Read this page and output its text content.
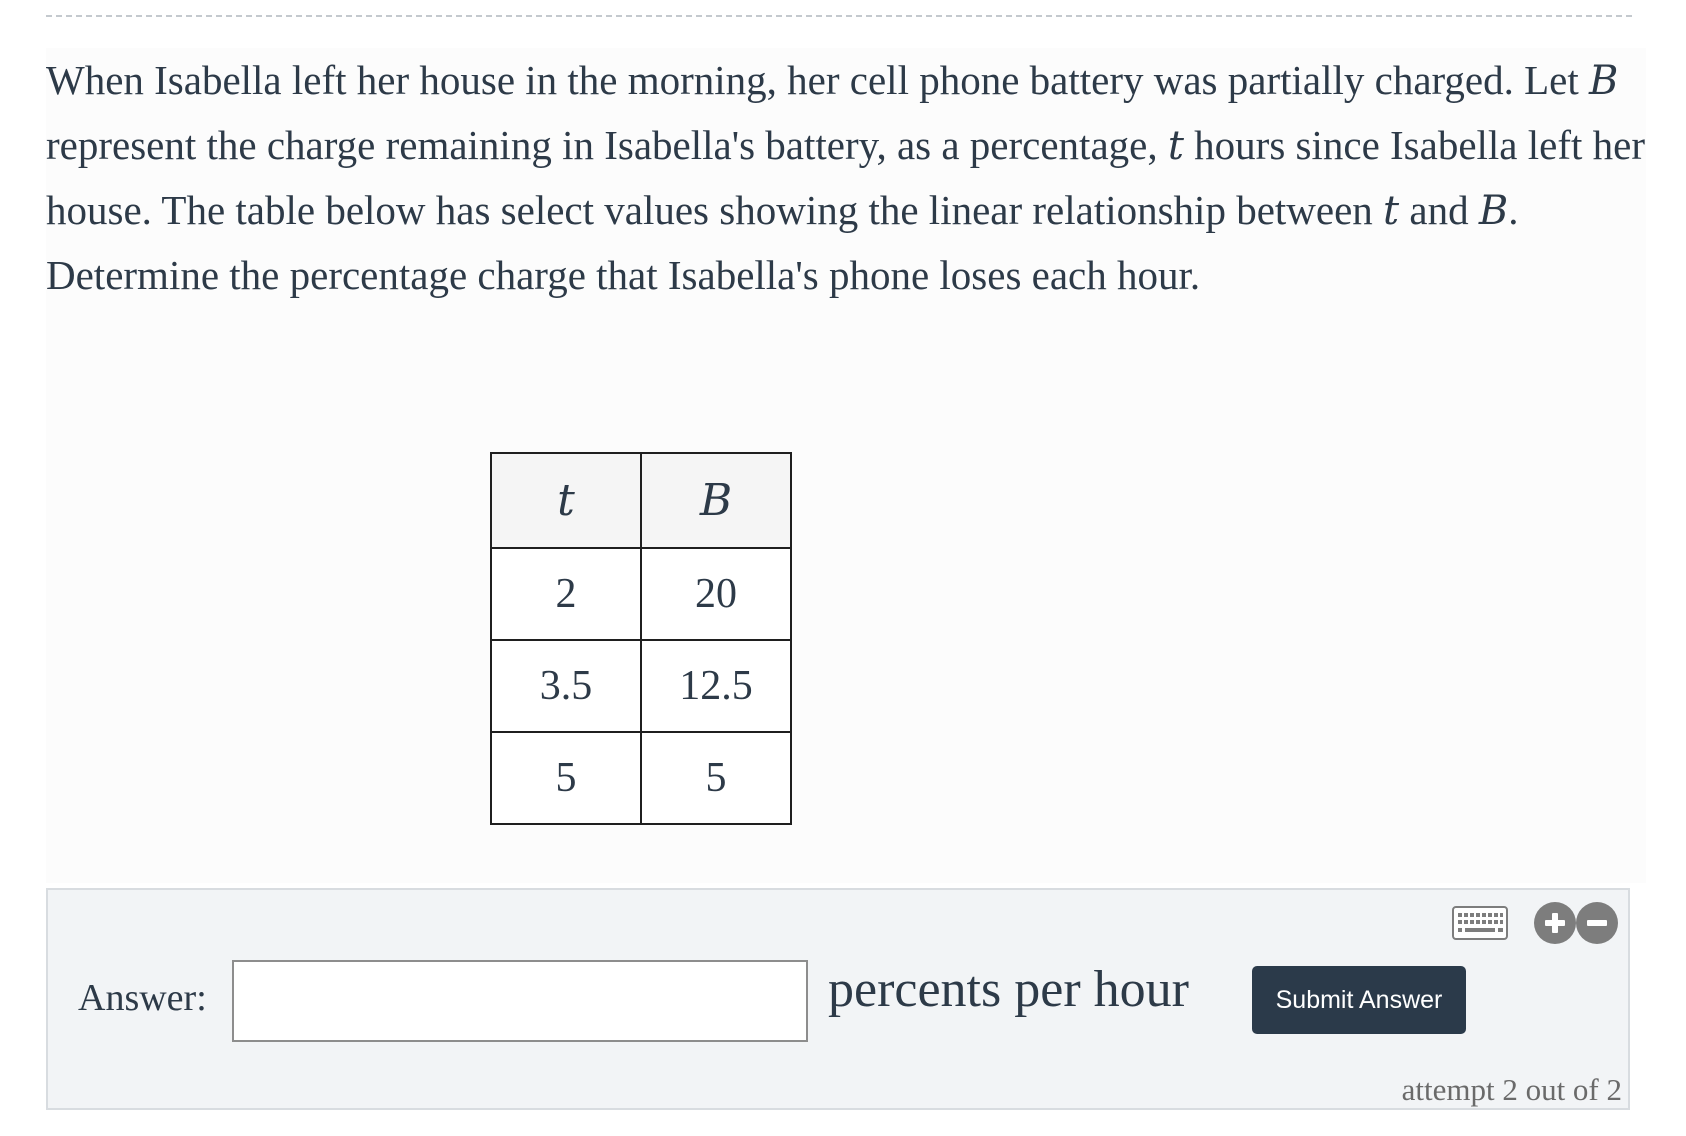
When Isabella left her house in the morning, her cell phone battery was partially charged. Let B represent the charge remaining in Isabella's battery, as a percentage, t hours since Isabella left her house. The table below has select values showing the linear relationship between t and B. Determine the percentage charge that Isabella's phone loses each hour.

t	B
2	20
3.5	12.5
5	5
Answer:	percents per hour	Submit Answer
attempt 2 out of 2
